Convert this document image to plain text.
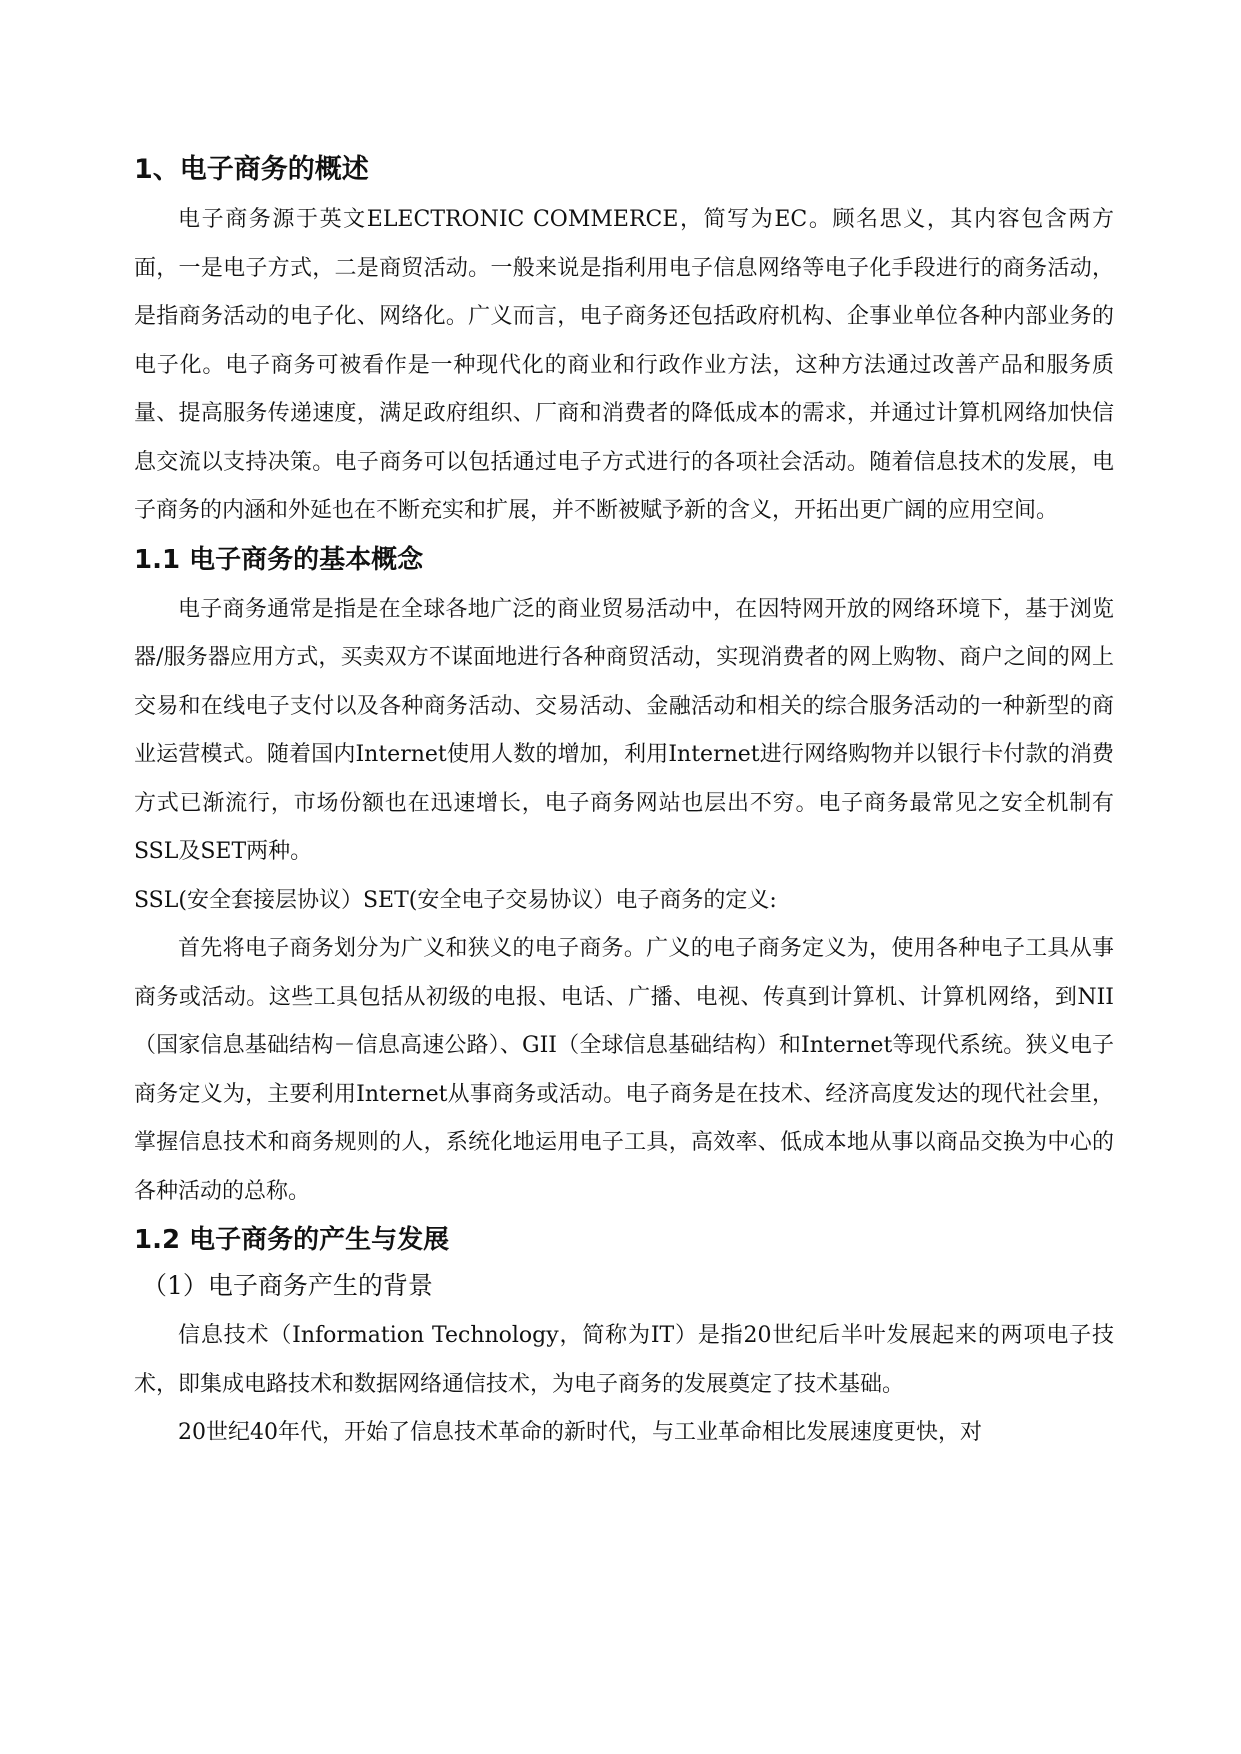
1、电子商务的概述

电子商务源于英文ELECTRONIC COMMERCE，简写为EC。顾名思义，其内容包含两方面，一是电子方式，二是商贸活动。一般来说是指利用电子信息网络等电子化手段进行的商务活动，是指商务活动的电子化、网络化。广义而言，电子商务还包括政府机构、企事业单位各种内部业务的电子化。电子商务可被看作是一种现代化的商业和行政作业方法，这种方法通过改善产品和服务质量、提高服务传递速度，满足政府组织、厂商和消费者的降低成本的需求，并通过计算机网络加快信息交流以支持决策。电子商务可以包括通过电子方式进行的各项社会活动。随着信息技术的发展，电子商务的内涵和外延也在不断充实和扩展，并不断被赋予新的含义，开拓出更广阔的应用空间。

1.1 电子商务的基本概念

电子商务通常是指是在全球各地广泛的商业贸易活动中，在因特网开放的网络环境下，基于浏览器/服务器应用方式，买卖双方不谋面地进行各种商贸活动，实现消费者的网上购物、商户之间的网上交易和在线电子支付以及各种商务活动、交易活动、金融活动和相关的综合服务活动的一种新型的商业运营模式。随着国内Internet使用人数的增加，利用Internet进行网络购物并以银行卡付款的消费方式已渐流行，市场份额也在迅速增长，电子商务网站也层出不穷。电子商务最常见之安全机制有SSL及SET两种。

SSL(安全套接层协议）SET(安全电子交易协议）电子商务的定义:

首先将电子商务划分为广义和狭义的电子商务。广义的电子商务定义为，使用各种电子工具从事商务或活动。这些工具包括从初级的电报、电话、广播、电视、传真到计算机、计算机网络，到NII（国家信息基础结构－信息高速公路）、GII（全球信息基础结构）和Internet等现代系统。狭义电子商务定义为，主要利用Internet从事商务或活动。电子商务是在技术、经济高度发达的现代社会里，掌握信息技术和商务规则的人，系统化地运用电子工具，高效率、低成本地从事以商品交换为中心的各种活动的总称。

1.2 电子商务的产生与发展
（1）电子商务产生的背景

信息技术（Information Technology，简称为IT）是指20世纪后半叶发展起来的两项电子技术，即集成电路技术和数据网络通信技术，为电子商务的发展奠定了技术基础。

20世纪40年代，开始了信息技术革命的新时代，与工业革命相比发展速度更快，对
